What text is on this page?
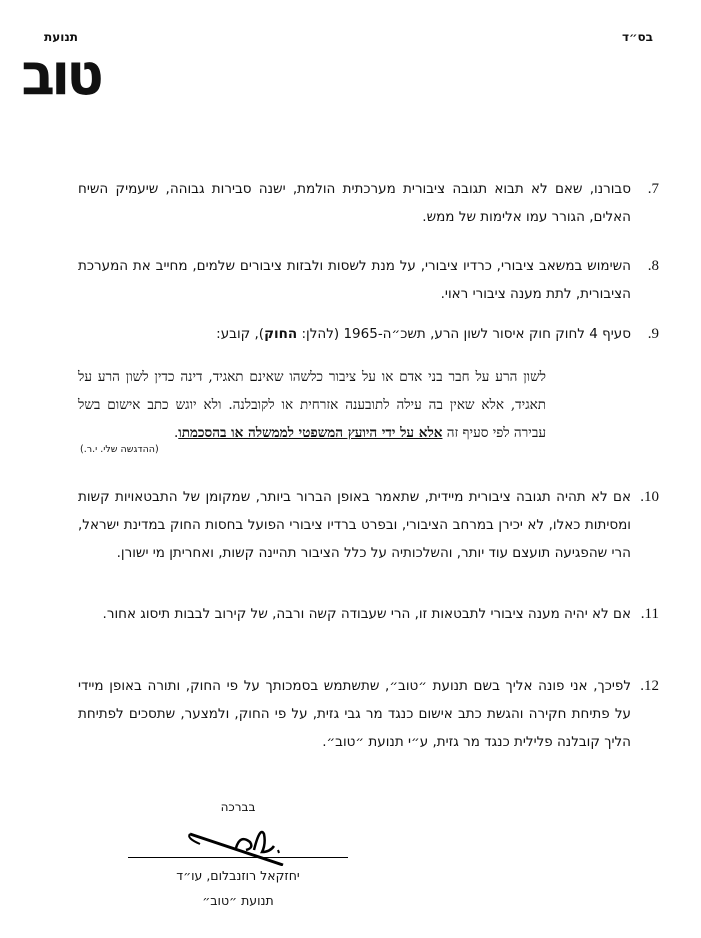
בס״ד
תנועת
טוב
7.
סבורנו, שאם לא תבוא תגובה ציבורית מערכתית הולמת, ישנה סבירות גבוהה, שיעמיק השיח האלים, הגורר עמו אלימות של ממש.
8.
השימוש במשאב ציבורי, כרדיו ציבורי, על מנת לשסות ולבזות ציבורים שלמים, מחייב את המערכת הציבורית, לתת מענה ציבורי ראוי.
9.
סעיף 4 לחוק חוק איסור לשון הרע, תשכ״ה-1965 (להלן: החוק), קובע:
לשון הרע על חבר בני אדם או על ציבור כלשהו שאינם תאגיד, דינה כדין לשון הרע על תאגיד, אלא שאין בה עילה לתובענה אזרחית או לקובלנה. ולא יוגש כתב אישום בשל עבירה לפי סעיף זה אלא על ידי היועץ המשפטי לממשלה או בהסכמתו.
(ההדגשה שלי. י.ר.)
10.
אם לא תהיה תגובה ציבורית מיידית, שתאמר באופן הברור ביותר, שמקומן של התבטאויות קשות ומסיתות כאלו, לא יכירן במרחב הציבורי, ובפרט ברדיו ציבורי הפועל בחסות החוק במדינת ישראל, הרי שהפגיעה תועצם עוד יותר, והשלכותיה על כלל הציבור תהיינה קשות, ואחריתן מי ישורן.
11.
אם לא יהיה מענה ציבורי לתבטאות זו, הרי שעבודה קשה ורבה, של קירוב לבבות תיסוג אחור.
12.
לפיכך, אני פונה אליך בשם תנועת ״טוב״, שתשתמש בסמכותך על פי החוק, ותורה באופן מיידי על פתיחת חקירה והגשת כתב אישום כנגד מר גבי גזית, על פי החוק, ולמצער, שתסכים לפתיחת הליך קובלנה פלילית כנגד מר גזית, ע״י תנועת ״טוב״.
בברכה
יחזקאל רוזנבלום, עו״ד
תנועת ״טוב״
